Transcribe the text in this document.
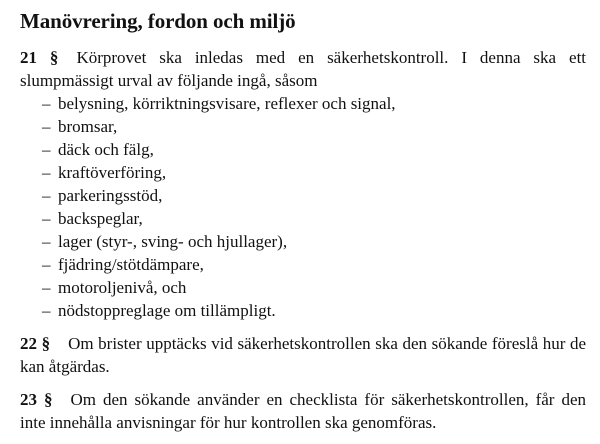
Manövrering, fordon och miljö

21 § Körprovet ska inledas med en säkerhetskontroll. I denna ska ett slumpmässigt urval av följande ingå, såsom

– belysning, körriktningsvisare, reflexer och signal,
– bromsar,
– däck och fälg,
– kraftöverföring,
– parkeringsstöd,
– backspeglar,
– lager (styr-, sving- och hjullager),
– fjädring/stötdämpare,
– motoroljenivå, och
– nödstoppreglage om tillämpligt.

22 § Om brister upptäcks vid säkerhetskontrollen ska den sökande föreslå hur de kan åtgärdas.

23 § Om den sökande använder en checklista för säkerhetskontrollen, får den inte innehålla anvisningar för hur kontrollen ska genomföras.
